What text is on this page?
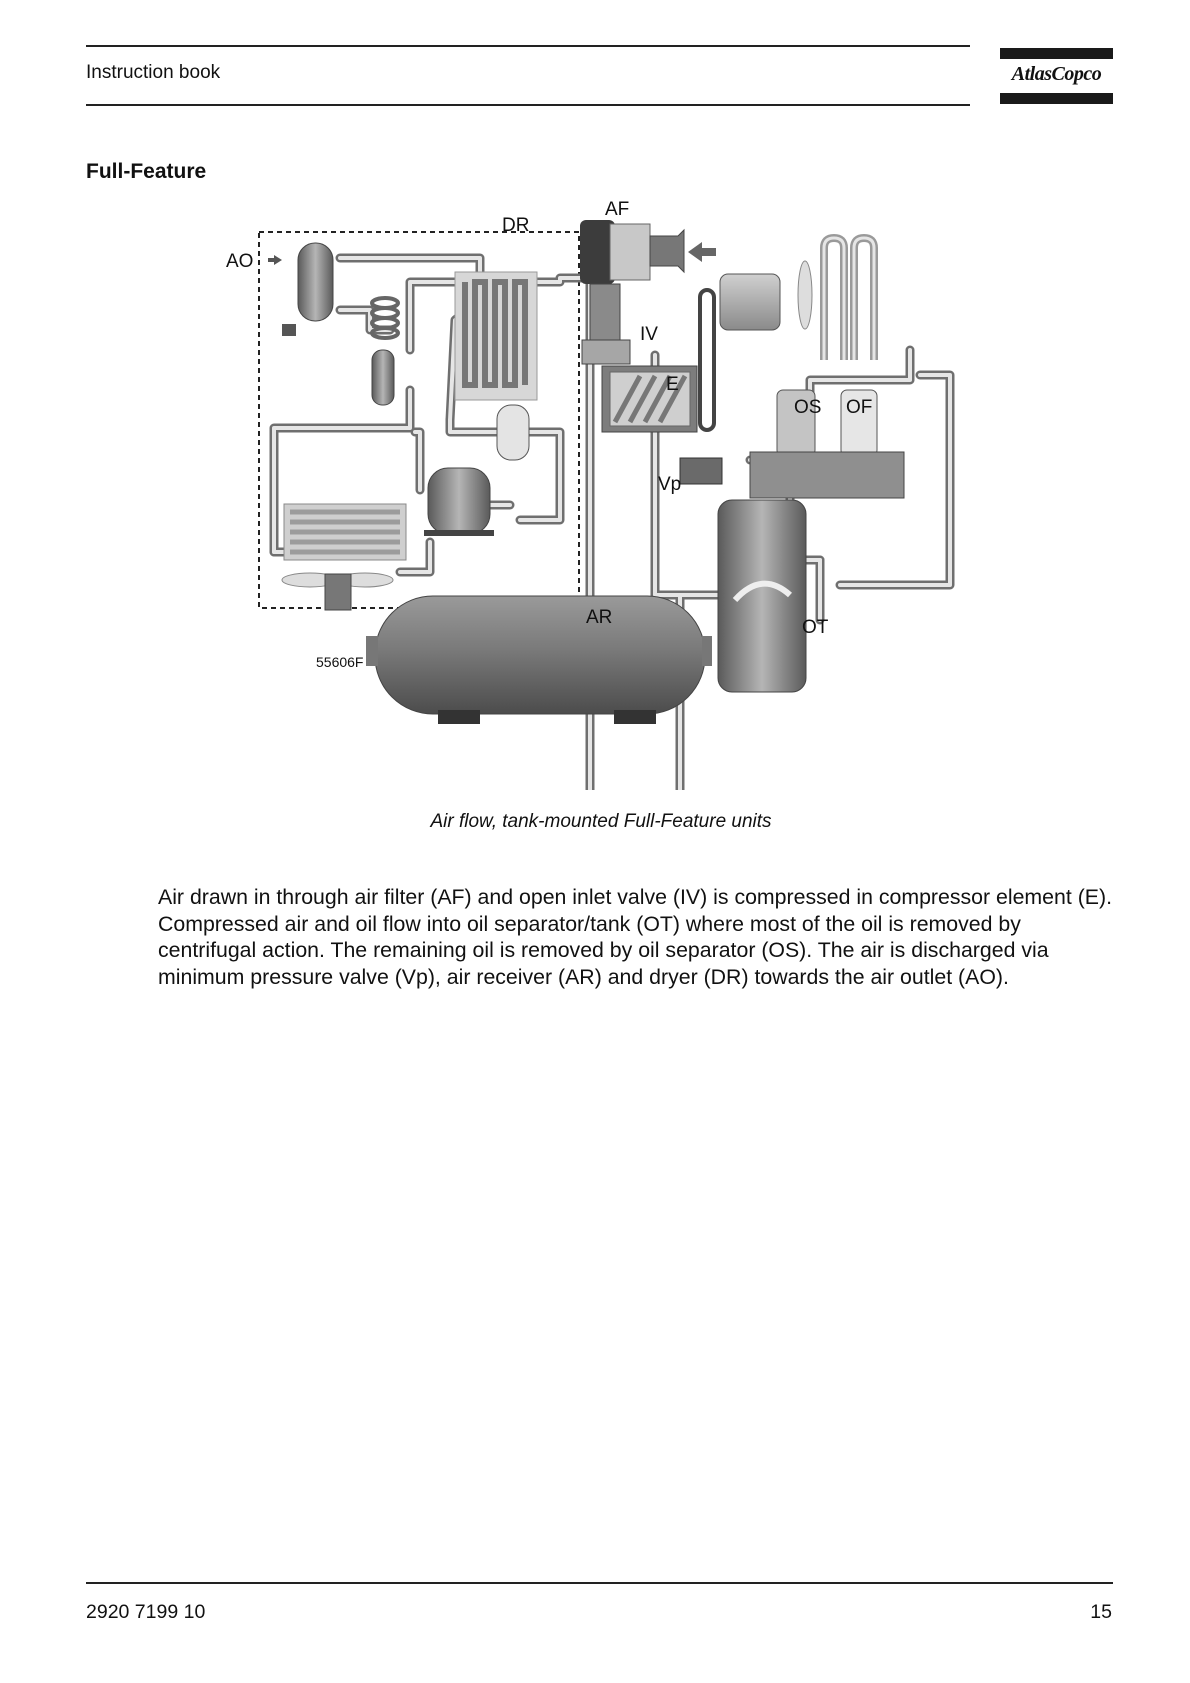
Instruction book	AtlasCopco
Full-Feature
AF
DR
AO
IV
E
OS OF
Vp
AR	OT
55606F
Air flow, tank-mounted Full-Feature units
Air drawn in through air filter (AF) and open inlet valve (IV) is compressed in compressor element (E). Compressed air and oil flow into oil separator/tank (OT) where most of the oil is removed by centrifugal action. The remaining oil is removed by oil separator (OS). The air is discharged via minimum pressure valve (Vp), air receiver (AR) and dryer (DR) towards the air outlet (AO).
2920 7199 10	15
